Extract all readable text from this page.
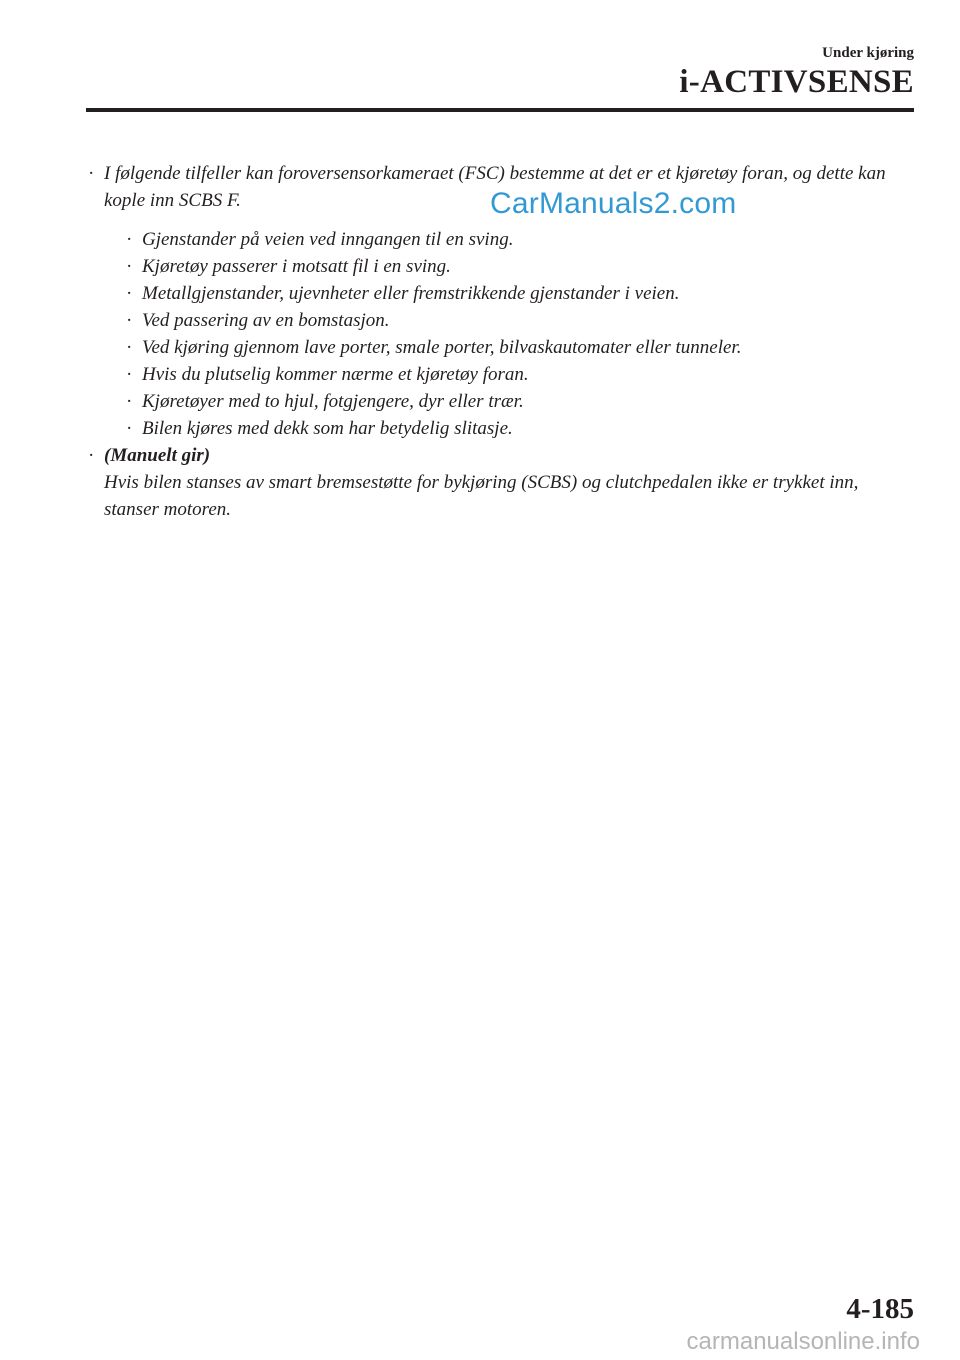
Under kjøring
i-ACTIVSENSE
CarManuals2.com
· I følgende tilfeller kan foroversensorkameraet (FSC) bestemme at det er et kjøretøy foran, og dette kan kople inn SCBS F.
· Gjenstander på veien ved inngangen til en sving.
· Kjøretøy passerer i motsatt fil i en sving.
· Metallgjenstander, ujevnheter eller fremstrikkende gjenstander i veien.
· Ved passering av en bomstasjon.
· Ved kjøring gjennom lave porter, smale porter, bilvaskautomater eller tunneler.
· Hvis du plutselig kommer nærme et kjøretøy foran.
· Kjøretøyer med to hjul, fotgjengere, dyr eller trær.
· Bilen kjøres med dekk som har betydelig slitasje.
· (Manuelt gir)
Hvis bilen stanses av smart bremsestøtte for bykjøring (SCBS) og clutchpedalen ikke er trykket inn, stanser motoren.
4-185
carmanualsonline.info
